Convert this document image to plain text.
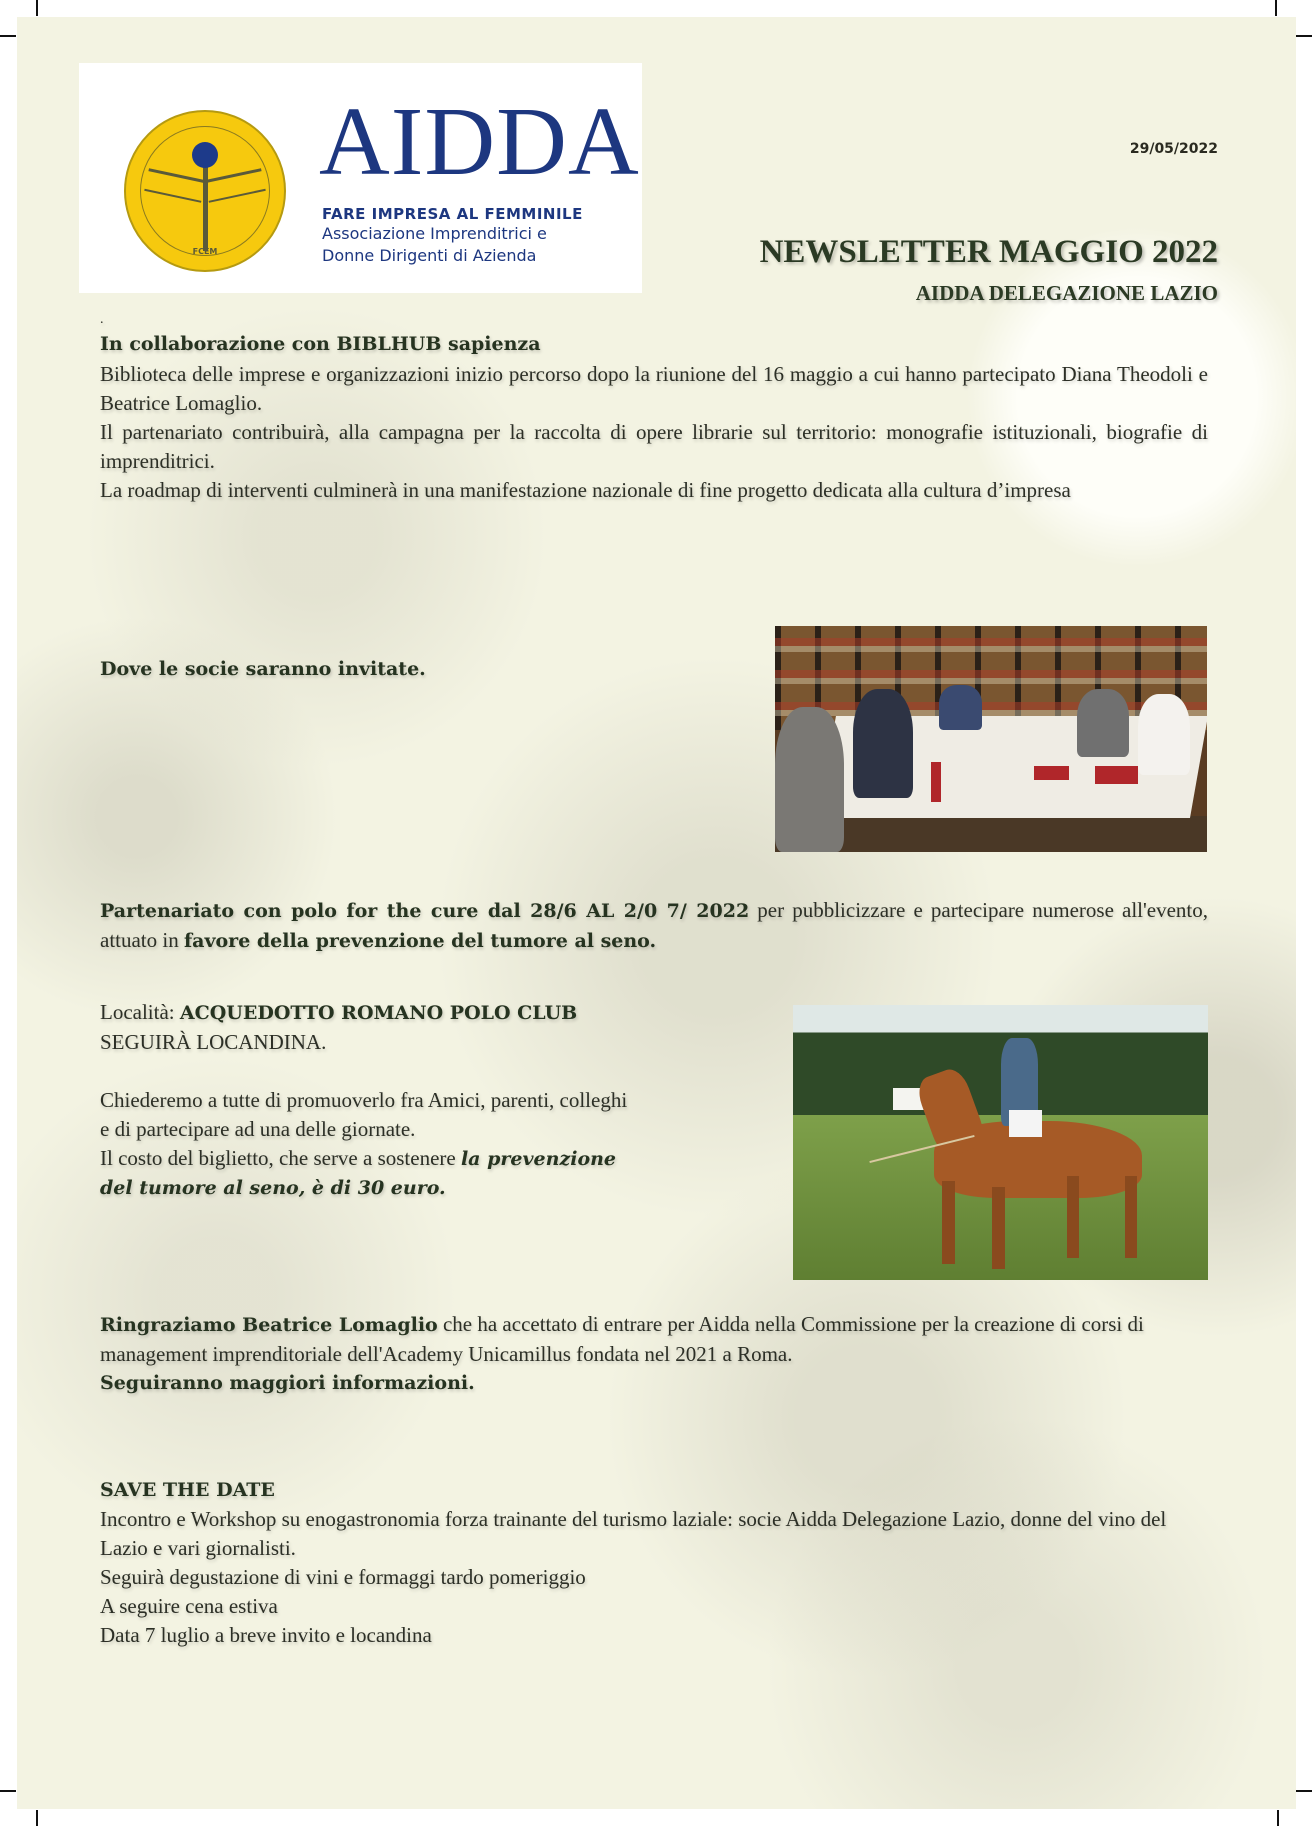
FCEM
AIDDA
FARE IMPRESA AL FEMMINILE
Associazione Imprenditrici e
Donne Dirigenti di Azienda
29/05/2022
NEWSLETTER MAGGIO 2022
AIDDA DELEGAZIONE LAZIO

.

In collaborazione con BIBLHUB sapienza

Biblioteca delle imprese e organizzazioni inizio percorso dopo la riunione del 16 maggio a cui hanno partecipato Diana Theodoli e Beatrice Lomaglio.

Il partenariato contribuirà, alla campagna per la raccolta di opere librarie sul territorio: monografie istituzionali, biografie di imprenditrici.

La roadmap di interventi culminerà in una manifestazione nazionale di fine progetto dedicata alla cultura d’impresa

Dove le socie saranno invitate.

Partenariato con polo for the cure dal 28/6 AL 2/0 7/ 2022 per pubblicizzare e partecipare numerose all'evento, attuato in favore della prevenzione del tumore al seno.

Località: ACQUEDOTTO ROMANO POLO CLUB

SEGUIRÀ LOCANDINA.

Chiederemo a tutte di promuoverlo fra Amici, parenti, colleghi

e di partecipare ad una delle giornate.

Il costo del biglietto, che serve a sostenere la prevenzione

del tumore al seno, è di 30 euro.

Ringraziamo Beatrice Lomaglio che ha accettato di entrare per Aidda nella Commissione per la creazione di corsi di management imprenditoriale dell'Academy Unicamillus fondata nel 2021 a Roma.

Seguiranno maggiori informazioni.

SAVE THE DATE

Incontro e Workshop su enogastronomia forza trainante del turismo laziale: socie Aidda Delegazione Lazio, donne del vino del Lazio e vari giornalisti.

Seguirà degustazione di vini e formaggi tardo pomeriggio

A seguire cena estiva

Data 7 luglio a breve invito e locandina
